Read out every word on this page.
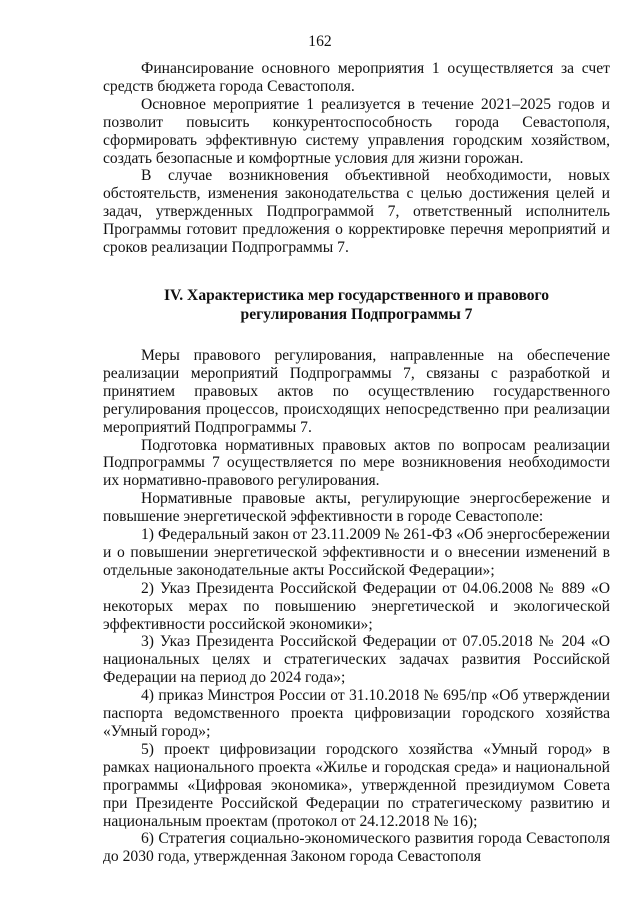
162

Финансирование основного мероприятия 1 осуществляется за счет средств бюджета города Севастополя.

Основное мероприятие 1 реализуется в течение 2021–2025 годов и позволит повысить конкурентоспособность города Севастополя, сформировать эффективную систему управления городским хозяйством, создать безопасные и комфортные условия для жизни горожан.

В случае возникновения объективной необходимости, новых обстоятельств, изменения законодательства с целью достижения целей и задач, утвержденных Подпрограммой 7, ответственный исполнитель Программы готовит предложения о корректировке перечня мероприятий и сроков реализации Подпрограммы 7.

IV. Характеристика мер государственного и правового
регулирования Подпрограммы 7

Меры правового регулирования, направленные на обеспечение реализации мероприятий Подпрограммы 7, связаны с разработкой и принятием правовых актов по осуществлению государственного регулирования процессов, происходящих непосредственно при реализации мероприятий Подпрограммы 7.

Подготовка нормативных правовых актов по вопросам реализации Подпрограммы 7 осуществляется по мере возникновения необходимости их нормативно-правового регулирования.

Нормативные правовые акты, регулирующие энергосбережение и повышение энергетической эффективности в городе Севастополе:

1) Федеральный закон от 23.11.2009 № 261-ФЗ «Об энергосбережении и о повышении энергетической эффективности и о внесении изменений в отдельные законодательные акты Российской Федерации»;

2) Указ Президента Российской Федерации от 04.06.2008 № 889 «О некоторых мерах по повышению энергетической и экологической эффективности российской экономики»;

3) Указ Президента Российской Федерации от 07.05.2018 № 204 «О национальных целях и стратегических задачах развития Российской Федерации на период до 2024 года»;

4) приказ Минстроя России от 31.10.2018 № 695/пр «Об утверждении паспорта ведомственного проекта цифровизации городского хозяйства «Умный город»;

5) проект цифровизации городского хозяйства «Умный город» в рамках национального проекта «Жилье и городская среда» и национальной программы «Цифровая экономика», утвержденной президиумом Совета при Президенте Российской Федерации по стратегическому развитию и национальным проектам (протокол от 24.12.2018 № 16);

6) Стратегия социально-экономического развития города Севастополя до 2030 года, утвержденная Законом города Севастополя
